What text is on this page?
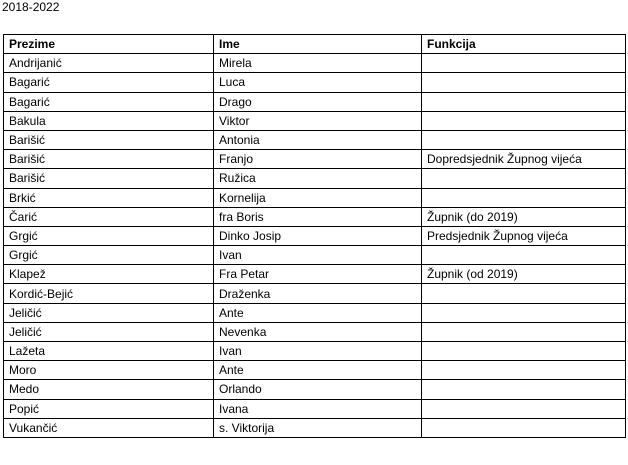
2018-2022
Prezime	Ime	Funkcija
Andrijanić	Mirela	
Bagarić	Luca	
Bagarić	Drago	
Bakula	Viktor	
Barišić	Antonia	
Barišić	Franjo	Dopredsjednik Župnog vijeća
Barišić	Ružica	
Brkić	Kornelija	
Čarić	fra Boris	Župnik (do 2019)
Grgić	Dinko Josip	Predsjednik Župnog vijeća
Grgić	Ivan	
Klapež	Fra Petar	Župnik (od 2019)
Kordić-Bejić	Draženka	
Jeličić	Ante	
Jeličić	Nevenka	
Lažeta	Ivan	
Moro	Ante	
Medo	Orlando	
Popić	Ivana	
Vukančić	s. Viktorija	
